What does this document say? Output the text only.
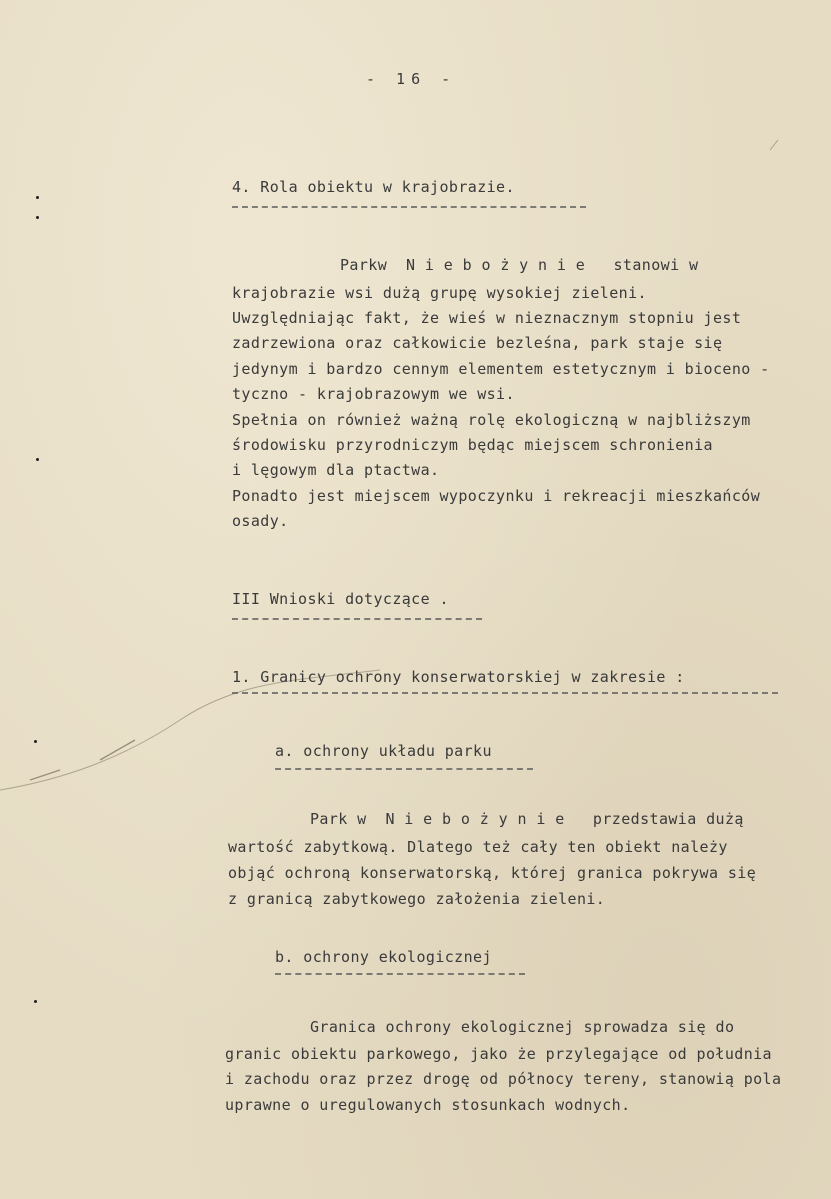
- 16 -
4. Rola obiektu w krajobrazie.
Parkw  N i e b o ż y n i e   stanowi w
krajobrazie wsi dużą grupę wysokiej zieleni.
Uwzględniając fakt, że wieś w nieznacznym stopniu jest
zadrzewiona oraz całkowicie bezleśna, park staje się
jedynym i bardzo cennym elementem estetycznym i bioceno -
tyczno - krajobrazowym we wsi.
Spełnia on również ważną rolę ekologiczną w najbliższym
środowisku przyrodniczym będąc miejscem schronienia
i lęgowym dla ptactwa.
Ponadto jest miejscem wypoczynku i rekreacji mieszkańców
osady.
III Wnioski dotyczące .
1. Granicy ochrony konserwatorskiej w zakresie :
a. ochrony układu parku
Park w  N i e b o ż y n i e   przedstawia dużą
wartość zabytkową. Dlatego też cały ten obiekt należy
objąć ochroną konserwatorską, której granica pokrywa się
z granicą zabytkowego założenia zieleni.
b. ochrony ekologicznej
Granica ochrony ekologicznej sprowadza się do
granic obiektu parkowego, jako że przylegające od południa
i zachodu oraz przez drogę od północy tereny, stanowią pola
uprawne o uregulowanych stosunkach wodnych.
